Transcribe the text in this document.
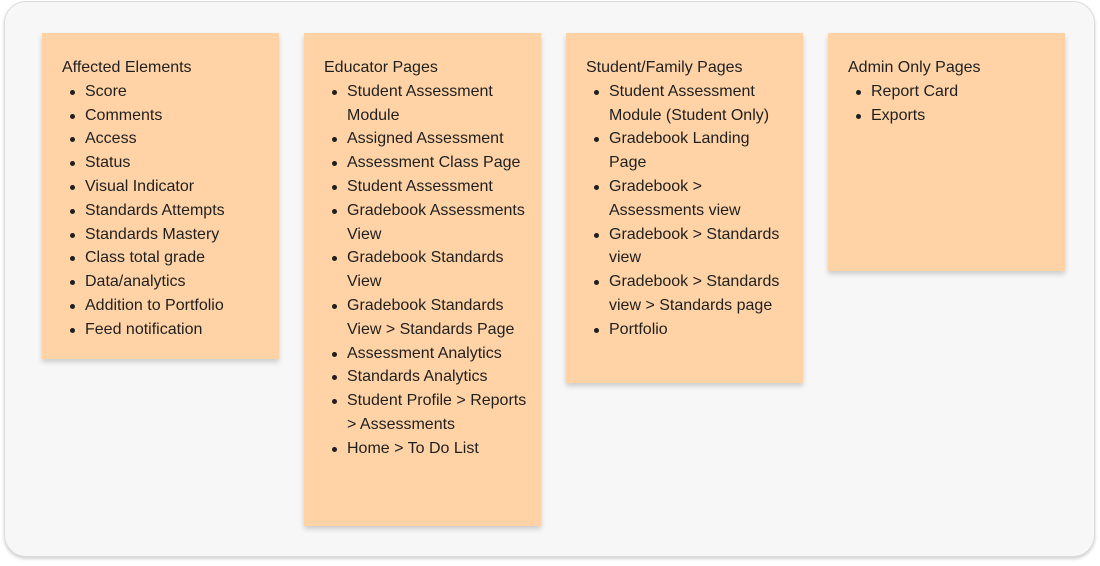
Affected Elements

Score
Comments
Access
Status
Visual Indicator
Standards Attempts
Standards Mastery
Class total grade
Data/analytics
Addition to Portfolio
Feed notification

Educator Pages

Student Assessment Module
Assigned Assessment
Assessment Class Page
Student Assessment
Gradebook Assessments View
Gradebook Standards View
Gradebook Standards View > Standards Page
Assessment Analytics
Standards Analytics
Student Profile > Reports > Assessments
Home > To Do List

Student/Family Pages

Student Assessment Module (Student Only)
Gradebook Landing Page
Gradebook > Assessments view
Gradebook > Standards view
Gradebook > Standards view > Standards page
Portfolio

Admin Only Pages

Report Card
Exports
